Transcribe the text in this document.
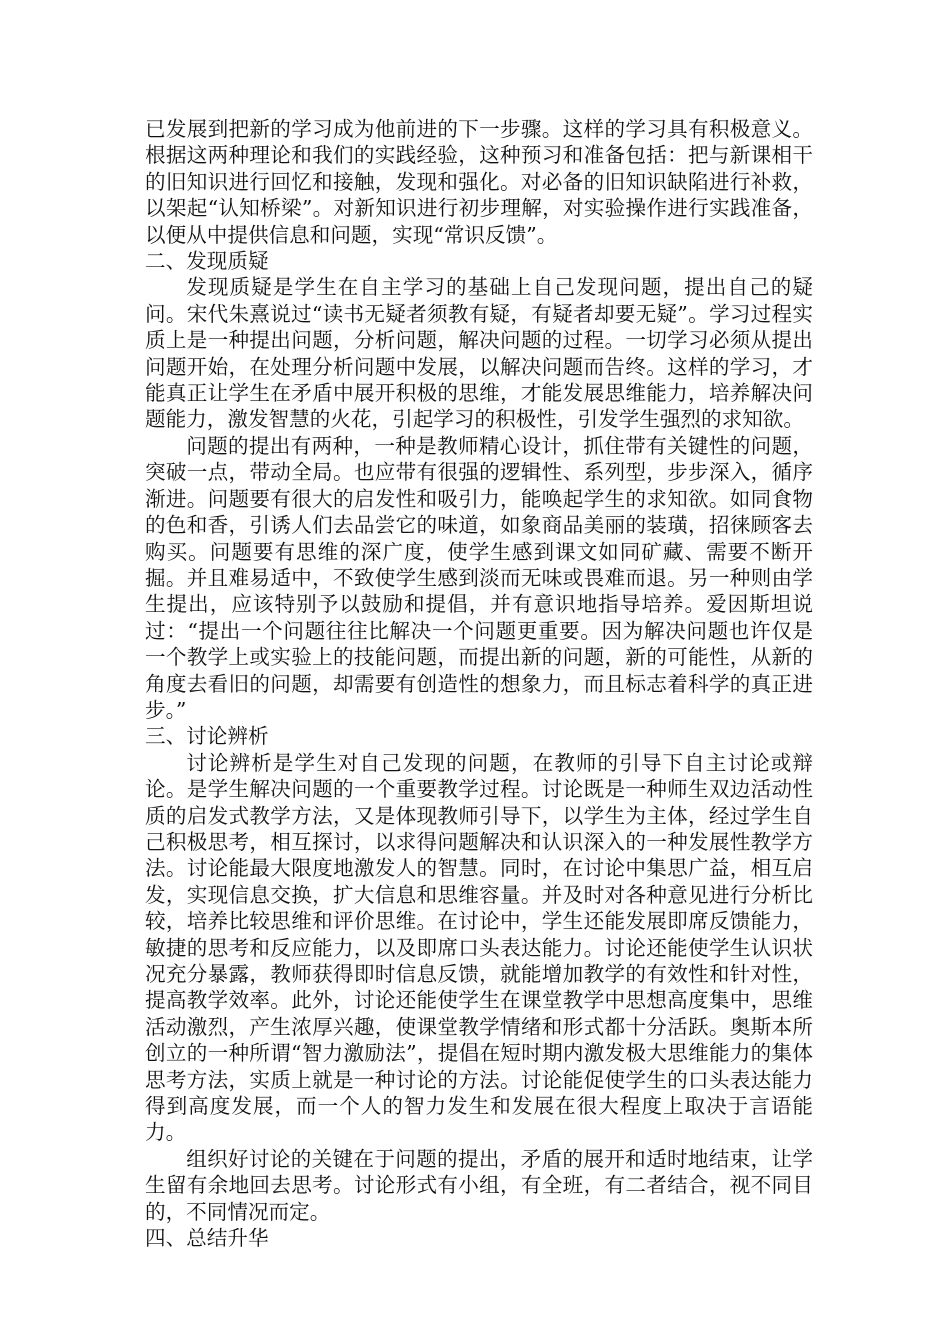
已发展到把新的学习成为他前进的下一步骤。这样的学习具有积极意义。根据这两种理论和我们的实践经验，这种预习和准备包括：把与新课相干的旧知识进行回忆和接触，发现和强化。对必备的旧知识缺陷进行补救，以架起“认知桥梁”。对新知识进行初步理解，对实验操作进行实践准备，以便从中提供信息和问题，实现“常识反馈”。

二、发现质疑

发现质疑是学生在自主学习的基础上自己发现问题，提出自己的疑问。宋代朱熹说过“读书无疑者须教有疑，有疑者却要无疑”。学习过程实质上是一种提出问题，分析问题，解决问题的过程。一切学习必须从提出问题开始，在处理分析问题中发展，以解决问题而告终。这样的学习，才能真正让学生在矛盾中展开积极的思维，才能发展思维能力，培养解决问题能力，激发智慧的火花，引起学习的积极性，引发学生强烈的求知欲。

问题的提出有两种，一种是教师精心设计，抓住带有关键性的问题，突破一点，带动全局。也应带有很强的逻辑性、系列型，步步深入，循序渐进。问题要有很大的启发性和吸引力，能唤起学生的求知欲。如同食物的色和香，引诱人们去品尝它的味道，如象商品美丽的装璜，招徕顾客去购买。问题要有思维的深广度，使学生感到课文如同矿藏、需要不断开掘。并且难易适中，不致使学生感到淡而无味或畏难而退。另一种则由学生提出，应该特别予以鼓励和提倡，并有意识地指导培养。爱因斯坦说过：“提出一个问题往往比解决一个问题更重要。因为解决问题也许仅是一个教学上或实验上的技能问题，而提出新的问题，新的可能性，从新的角度去看旧的问题，却需要有创造性的想象力，而且标志着科学的真正进步。”

三、讨论辨析

讨论辨析是学生对自己发现的问题，在教师的引导下自主讨论或辩论。是学生解决问题的一个重要教学过程。讨论既是一种师生双边活动性质的启发式教学方法，又是体现教师引导下，以学生为主体，经过学生自己积极思考，相互探讨，以求得问题解决和认识深入的一种发展性教学方法。讨论能最大限度地激发人的智慧。同时，在讨论中集思广益，相互启发，实现信息交换，扩大信息和思维容量。并及时对各种意见进行分析比较，培养比较思维和评价思维。在讨论中，学生还能发展即席反馈能力，敏捷的思考和反应能力，以及即席口头表达能力。讨论还能使学生认识状况充分暴露，教师获得即时信息反馈，就能增加教学的有效性和针对性，提高教学效率。此外，讨论还能使学生在课堂教学中思想高度集中，思维活动激烈，产生浓厚兴趣，使课堂教学情绪和形式都十分活跃。奥斯本所创立的一种所谓“智力激励法”，提倡在短时期内激发极大思维能力的集体思考方法，实质上就是一种讨论的方法。讨论能促使学生的口头表达能力得到高度发展，而一个人的智力发生和发展在很大程度上取决于言语能力。

组织好讨论的关键在于问题的提出，矛盾的展开和适时地结束，让学生留有余地回去思考。讨论形式有小组，有全班，有二者结合，视不同目的，不同情况而定。

四、总结升华
